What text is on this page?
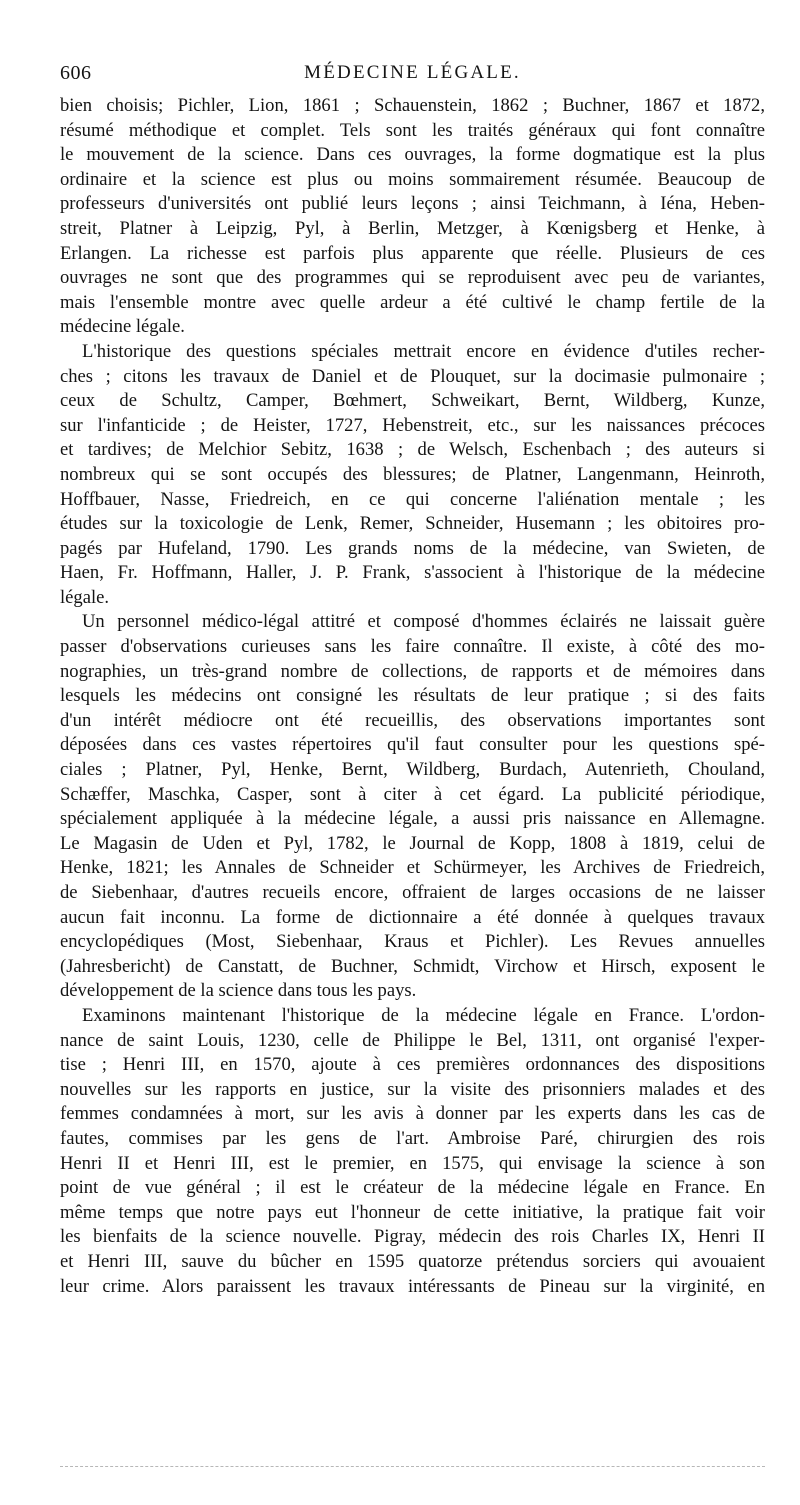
606	MÉDECINE LÉGALE.
bien choisis; Pichler, Lion, 1861 ; Schauenstein, 1862 ; Buchner, 1867 et 1872,
résumé méthodique et complet. Tels sont les traités généraux qui font connaître
le mouvement de la science. Dans ces ouvrages, la forme dogmatique est la plus
ordinaire et la science est plus ou moins sommairement résumée. Beaucoup de
professeurs d'universités ont publié leurs leçons ; ainsi Teichmann, à Iéna, Heben-
streit, Platner à Leipzig, Pyl, à Berlin, Metzger, à Kœnigsberg et Henke, à
Erlangen. La richesse est parfois plus apparente que réelle. Plusieurs de ces
ouvrages ne sont que des programmes qui se reproduisent avec peu de variantes,
mais l'ensemble montre avec quelle ardeur a été cultivé le champ fertile de la
médecine légale.
L'historique des questions spéciales mettrait encore en évidence d'utiles recher-
ches ; citons les travaux de Daniel et de Plouquet, sur la docimasie pulmonaire ;
ceux de Schultz, Camper, Bœhmert, Schweikart, Bernt, Wildberg, Kunze,
sur l'infanticide ; de Heister, 1727, Hebenstreit, etc., sur les naissances précoces
et tardives; de Melchior Sebitz, 1638 ; de Welsch, Eschenbach ; des auteurs si
nombreux qui se sont occupés des blessures; de Platner, Langenmann, Heinroth,
Hoffbauer, Nasse, Friedreich, en ce qui concerne l'aliénation mentale ; les
études sur la toxicologie de Lenk, Remer, Schneider, Husemann ; les obitoires pro-
pagés par Hufeland, 1790. Les grands noms de la médecine, van Swieten, de
Haen, Fr. Hoffmann, Haller, J. P. Frank, s'associent à l'historique de la médecine
légale.
Un personnel médico-légal attitré et composé d'hommes éclairés ne laissait guère
passer d'observations curieuses sans les faire connaître. Il existe, à côté des mo-
nographies, un très-grand nombre de collections, de rapports et de mémoires dans
lesquels les médecins ont consigné les résultats de leur pratique ; si des faits
d'un intérêt médiocre ont été recueillis, des observations importantes sont
déposées dans ces vastes répertoires qu'il faut consulter pour les questions spé-
ciales ; Platner, Pyl, Henke, Bernt, Wildberg, Burdach, Autenrieth, Chouland,
Schæffer, Maschka, Casper, sont à citer à cet égard. La publicité périodique,
spécialement appliquée à la médecine légale, a aussi pris naissance en Allemagne.
Le Magasin de Uden et Pyl, 1782, le Journal de Kopp, 1808 à 1819, celui de
Henke, 1821; les Annales de Schneider et Schürmeyer, les Archives de Friedreich,
de Siebenhaar, d'autres recueils encore, offraient de larges occasions de ne laisser
aucun fait inconnu. La forme de dictionnaire a été donnée à quelques travaux
encyclopédiques (Most, Siebenhaar, Kraus et Pichler). Les Revues annuelles
(Jahresbericht) de Canstatt, de Buchner, Schmidt, Virchow et Hirsch, exposent le
développement de la science dans tous les pays.
Examinons maintenant l'historique de la médecine légale en France. L'ordon-
nance de saint Louis, 1230, celle de Philippe le Bel, 1311, ont organisé l'exper-
tise ; Henri III, en 1570, ajoute à ces premières ordonnances des dispositions
nouvelles sur les rapports en justice, sur la visite des prisonniers malades et des
femmes condamnées à mort, sur les avis à donner par les experts dans les cas de
fautes, commises par les gens de l'art. Ambroise Paré, chirurgien des rois
Henri II et Henri III, est le premier, en 1575, qui envisage la science à son
point de vue général ; il est le créateur de la médecine légale en France. En
même temps que notre pays eut l'honneur de cette initiative, la pratique fait voir
les bienfaits de la science nouvelle. Pigray, médecin des rois Charles IX, Henri II
et Henri III, sauve du bûcher en 1595 quatorze prétendus sorciers qui avouaient
leur crime. Alors paraissent les travaux intéressants de Pineau sur la virginité, en
